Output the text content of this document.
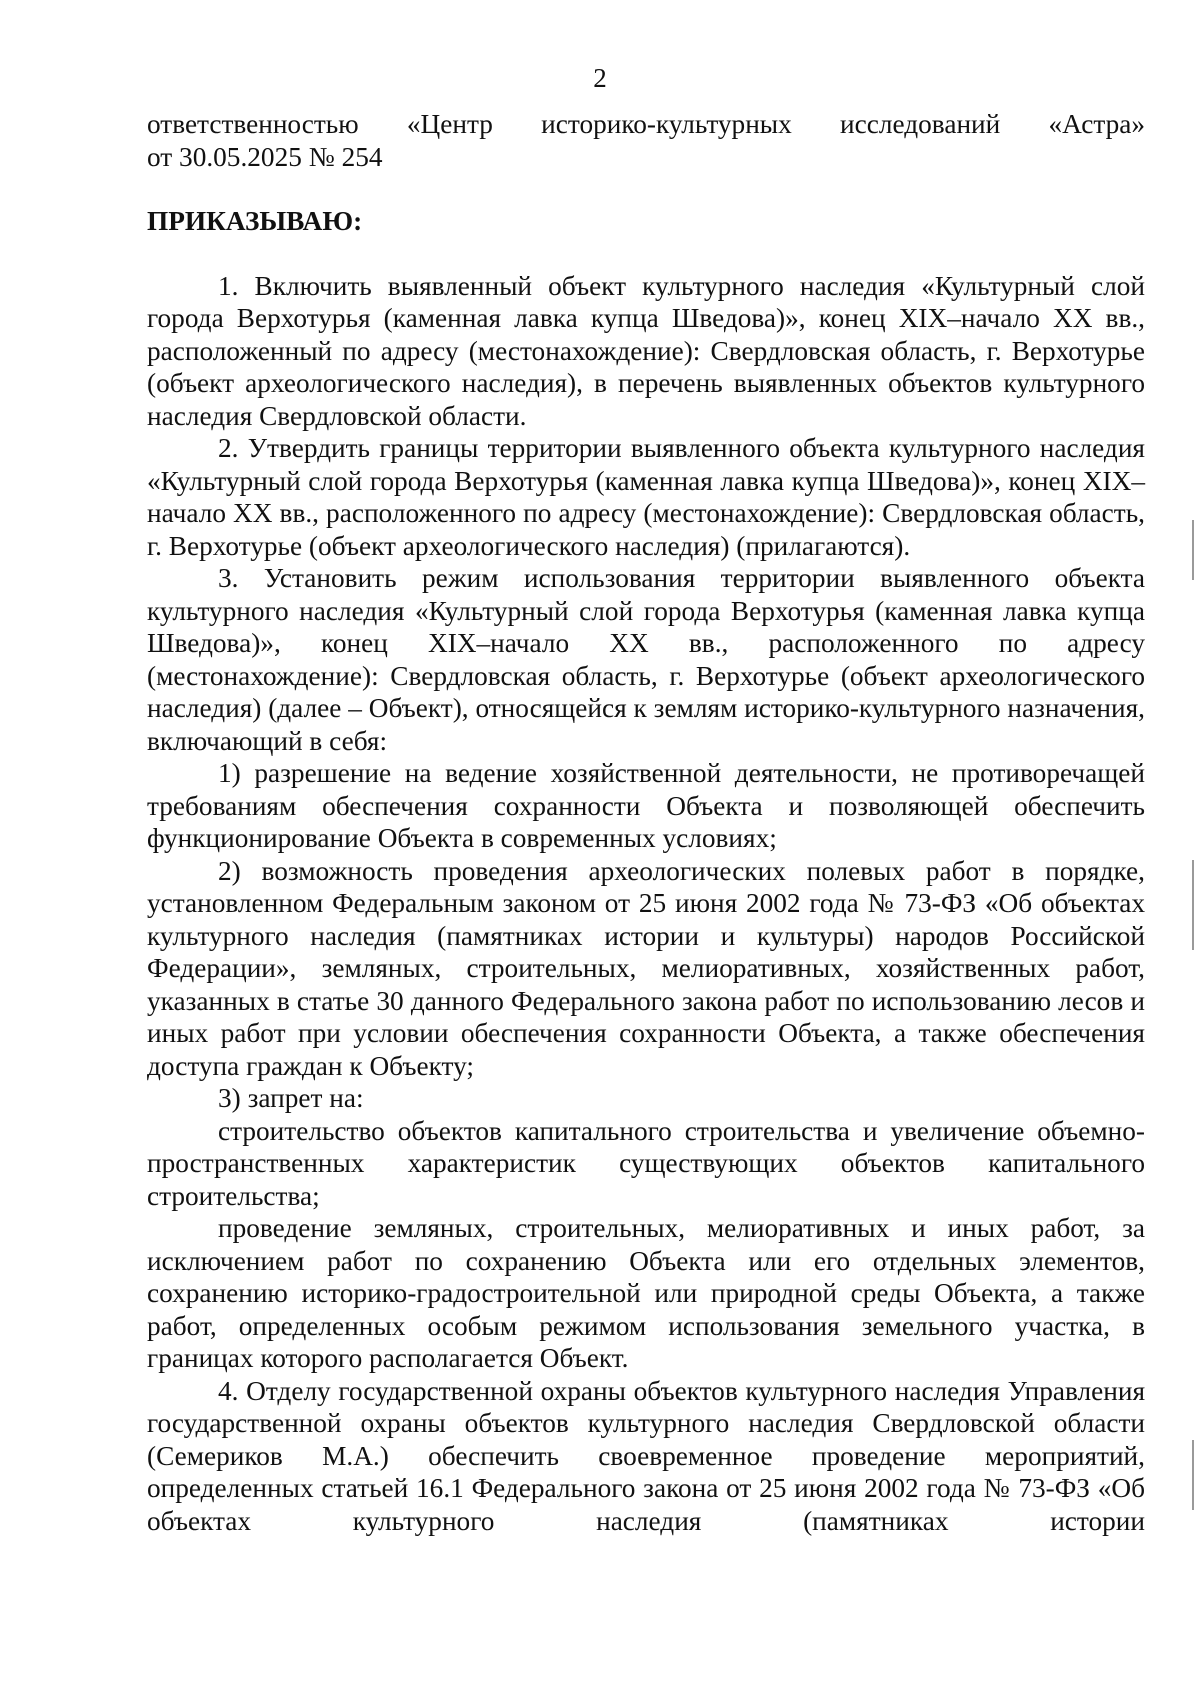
2

ответственностью «Центр историко-культурных исследований «Астра»

от 30.05.2025 № 254

ПРИКАЗЫВАЮ:

1. Включить выявленный объект культурного наследия «Культурный слой города Верхотурья (каменная лавка купца Шведова)», конец XIX–начало XX вв., расположенный по адресу (местонахождение): Свердловская область, г. Верхотурье (объект археологического наследия), в перечень выявленных объектов культурного наследия Свердловской области.

2. Утвердить границы территории выявленного объекта культурного наследия «Культурный слой города Верхотурья (каменная лавка купца Шведова)», конец XIX–начало XX вв., расположенного по адресу (местонахождение): Свердловская область, г. Верхотурье (объект археологического наследия) (прилагаются).

3. Установить режим использования территории выявленного объекта культурного наследия «Культурный слой города Верхотурья (каменная лавка купца Шведова)», конец XIX–начало XX вв., расположенного по адресу (местонахождение): Свердловская область, г. Верхотурье (объект археологического наследия) (далее – Объект), относящейся к землям историко-культурного назначения, включающий в себя:

1) разрешение на ведение хозяйственной деятельности, не противоречащей требованиям обеспечения сохранности Объекта и позволяющей обеспечить функционирование Объекта в современных условиях;

2) возможность проведения археологических полевых работ в порядке, установленном Федеральным законом от 25 июня 2002 года № 73-ФЗ «Об объектах культурного наследия (памятниках истории и культуры) народов Российской Федерации», земляных, строительных, мелиоративных, хозяйственных работ, указанных в статье 30 данного Федерального закона работ по использованию лесов и иных работ при условии обеспечения сохранности Объекта, а также обеспечения доступа граждан к Объекту;

3) запрет на:

строительство объектов капитального строительства и увеличение объемно-пространственных характеристик существующих объектов капитального строительства;

проведение земляных, строительных, мелиоративных и иных работ, за исключением работ по сохранению Объекта или его отдельных элементов, сохранению историко-градостроительной или природной среды Объекта, а также работ, определенных особым режимом использования земельного участка, в границах которого располагается Объект.

4. Отделу государственной охраны объектов культурного наследия Управления государственной охраны объектов культурного наследия Свердловской области (Семериков М.А.) обеспечить своевременное проведение мероприятий, определенных статьей 16.1 Федерального закона от 25 июня 2002 года № 73-ФЗ «Об объектах культурного наследия (памятниках истории
